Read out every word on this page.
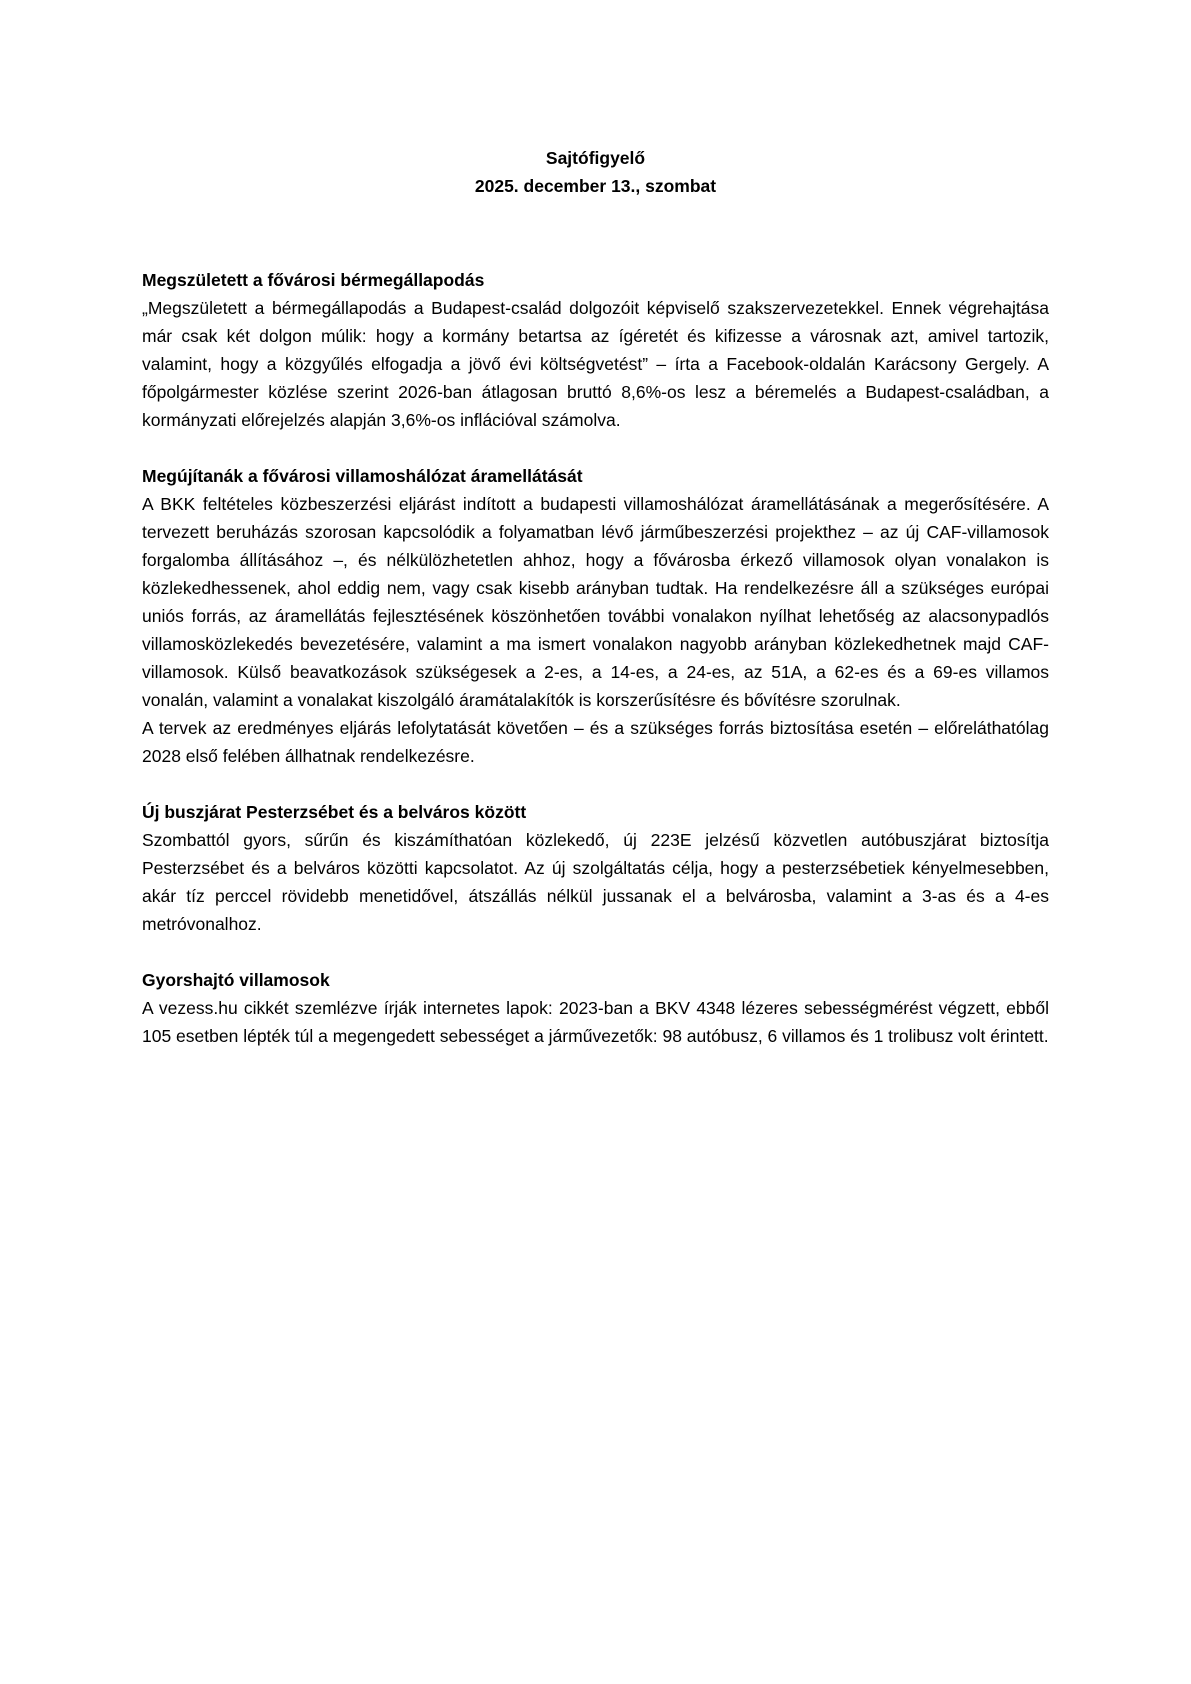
Sajtófigyelő
2025. december 13., szombat
Megszületett a fővárosi bérmegállapodás

„Megszületett a bérmegállapodás a Budapest-család dolgozóit képviselő szakszervezetekkel. Ennek végrehajtása már csak két dolgon múlik: hogy a kormány betartsa az ígéretét és kifizesse a városnak azt, amivel tartozik, valamint, hogy a közgyűlés elfogadja a jövő évi költségvetést” – írta a Facebook-oldalán Karácsony Gergely. A főpolgármester közlése szerint 2026-ban átlagosan bruttó 8,6%-os lesz a béremelés a Budapest-családban, a kormányzati előrejelzés alapján 3,6%-os inflációval számolva.

Megújítanák a fővárosi villamoshálózat áramellátását

A BKK feltételes közbeszerzési eljárást indított a budapesti villamoshálózat áramellátásának a megerősítésére. A tervezett beruházás szorosan kapcsolódik a folyamatban lévő járműbeszerzési projekthez – az új CAF-villamosok forgalomba állításához –, és nélkülözhetetlen ahhoz, hogy a fővárosba érkező villamosok olyan vonalakon is közlekedhessenek, ahol eddig nem, vagy csak kisebb arányban tudtak. Ha rendelkezésre áll a szükséges európai uniós forrás, az áramellátás fejlesztésének köszönhetően további vonalakon nyílhat lehetőség az alacsonypadlós villamosközlekedés bevezetésére, valamint a ma ismert vonalakon nagyobb arányban közlekedhetnek majd CAF-villamosok. Külső beavatkozások szükségesek a 2-es, a 14-es, a 24-es, az 51A, a 62-es és a 69-es villamos vonalán, valamint a vonalakat kiszolgáló áramátalakítók is korszerűsítésre és bővítésre szorulnak.

A tervek az eredményes eljárás lefolytatását követően – és a szükséges forrás biztosítása esetén – előreláthatólag 2028 első felében állhatnak rendelkezésre.

Új buszjárat Pesterzsébet és a belváros között

Szombattól gyors, sűrűn és kiszámíthatóan közlekedő, új 223E jelzésű közvetlen autóbuszjárat biztosítja Pesterzsébet és a belváros közötti kapcsolatot. Az új szolgáltatás célja, hogy a pesterzsébetiek kényelmesebben, akár tíz perccel rövidebb menetidővel, átszállás nélkül jussanak el a belvárosba, valamint a 3-as és a 4-es metróvonalhoz.

Gyorshajtó villamosok

A vezess.hu cikkét szemlézve írják internetes lapok: 2023-ban a BKV 4348 lézeres sebességmérést végzett, ebből 105 esetben lépték túl a megengedett sebességet a járművezetők: 98 autóbusz, 6 villamos és 1 trolibusz volt érintett.
